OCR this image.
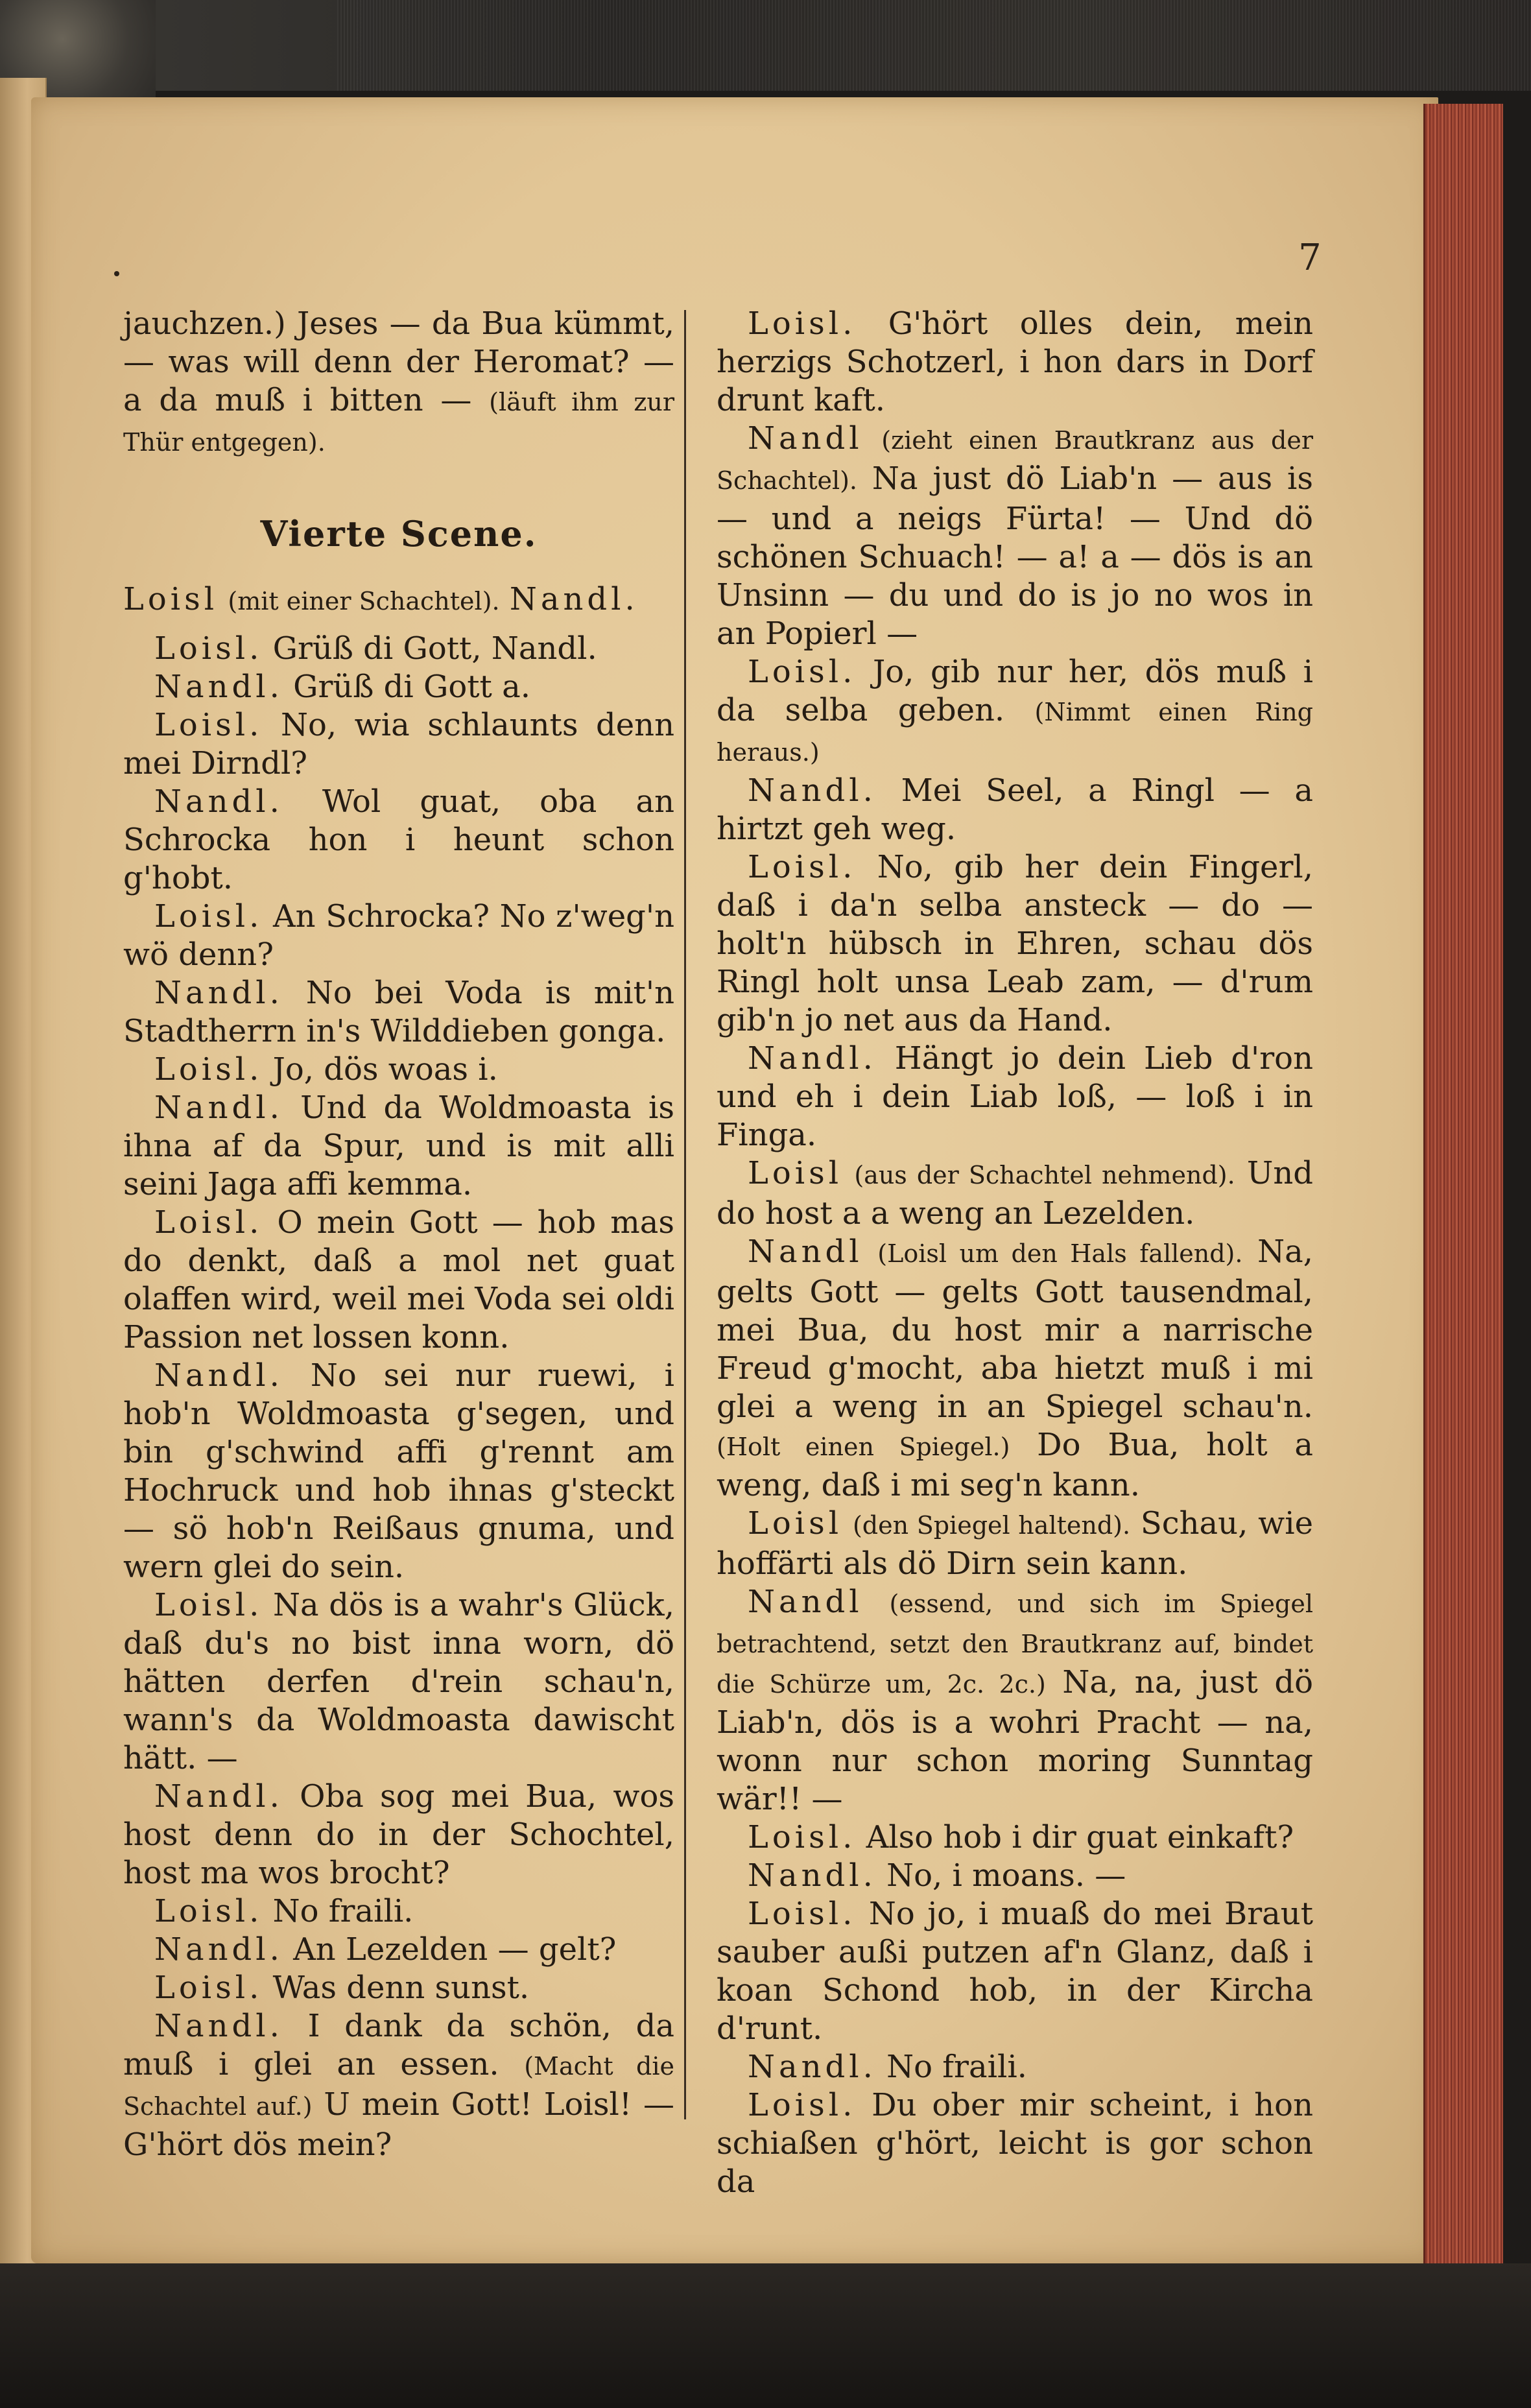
7

jauchzen.) Jeses — da Bua kümmt, — was will denn der Heromat? — a da muß i bitten — (läuft ihm zur Thür entgegen).

Vierte Scene.

Loisl (mit einer Schachtel). Nandl.

Loisl. Grüß di Gott, Nandl.

Nandl. Grüß di Gott a.

Loisl. No, wia schlaunts denn mei Dirndl?

Nandl. Wol guat, oba an Schrocka hon i heunt schon g'hobt.

Loisl. An Schrocka? No z'weg'n wö denn?

Nandl. No bei Voda is mit'n Stadtherrn in's Wilddieben gonga.

Loisl. Jo, dös woas i.

Nandl. Und da Woldmoasta is ihna af da Spur, und is mit alli seini Jaga affi kemma.

Loisl. O mein Gott — hob mas do denkt, daß a mol net guat olaffen wird, weil mei Voda sei oldi Passion net lossen konn.

Nandl. No sei nur ruewi, i hob'n Woldmoasta g'segen, und bin g'schwind affi g'rennt am Hochruck und hob ihnas g'steckt — sö hob'n Reißaus gnuma, und wern glei do sein.

Loisl. Na dös is a wahr's Glück, daß du's no bist inna worn, dö hätten derfen d'rein schau'n, wann's da Woldmoasta dawischt hätt. —

Nandl. Oba sog mei Bua, wos host denn do in der Schochtel, host ma wos brocht?

Loisl. No fraili.

Nandl. An Lezelden — gelt?

Loisl. Was denn sunst.

Nandl. I dank da schön, da muß i glei an essen. (Macht die Schachtel auf.) U mein Gott! Loisl! — G'hört dös mein?

Loisl. G'hört olles dein, mein herzigs Schotzerl, i hon dars in Dorf drunt kaft.

Nandl (zieht einen Brautkranz aus der Schachtel). Na just dö Liab'n — aus is — und a neigs Fürta! — Und dö schönen Schuach! — a! a — dös is an Unsinn — du und do is jo no wos in an Popierl —

Loisl. Jo, gib nur her, dös muß i da selba geben. (Nimmt einen Ring heraus.)

Nandl. Mei Seel, a Ringl — a hirtzt geh weg.

Loisl. No, gib her dein Fingerl, daß i da'n selba ansteck — do — holt'n hübsch in Ehren, schau dös Ringl holt unsa Leab zam, — d'rum gib'n jo net aus da Hand.

Nandl. Hängt jo dein Lieb d'ron und eh i dein Liab loß, — loß i in Finga.

Loisl (aus der Schachtel nehmend). Und do host a a weng an Lezelden.

Nandl (Loisl um den Hals fallend). Na, gelts Gott — gelts Gott tausendmal, mei Bua, du host mir a narrische Freud g'mocht, aba hietzt muß i mi glei a weng in an Spiegel schau'n. (Holt einen Spiegel.) Do Bua, holt a weng, daß i mi seg'n kann.

Loisl (den Spiegel haltend). Schau, wie hoffärti als dö Dirn sein kann.

Nandl (essend, und sich im Spiegel betrachtend, setzt den Brautkranz auf, bindet die Schürze um, 2c. 2c.) Na, na, just dö Liab'n, dös is a wohri Pracht — na, wonn nur schon moring Sunntag wär!! —

Loisl. Also hob i dir guat einkaft?

Nandl. No, i moans. —

Loisl. No jo, i muaß do mei Braut sauber außi putzen af'n Glanz, daß i koan Schond hob, in der Kircha d'runt.

Nandl. No fraili.

Loisl. Du ober mir scheint, i hon schiaßen g'hört, leicht is gor schon da
